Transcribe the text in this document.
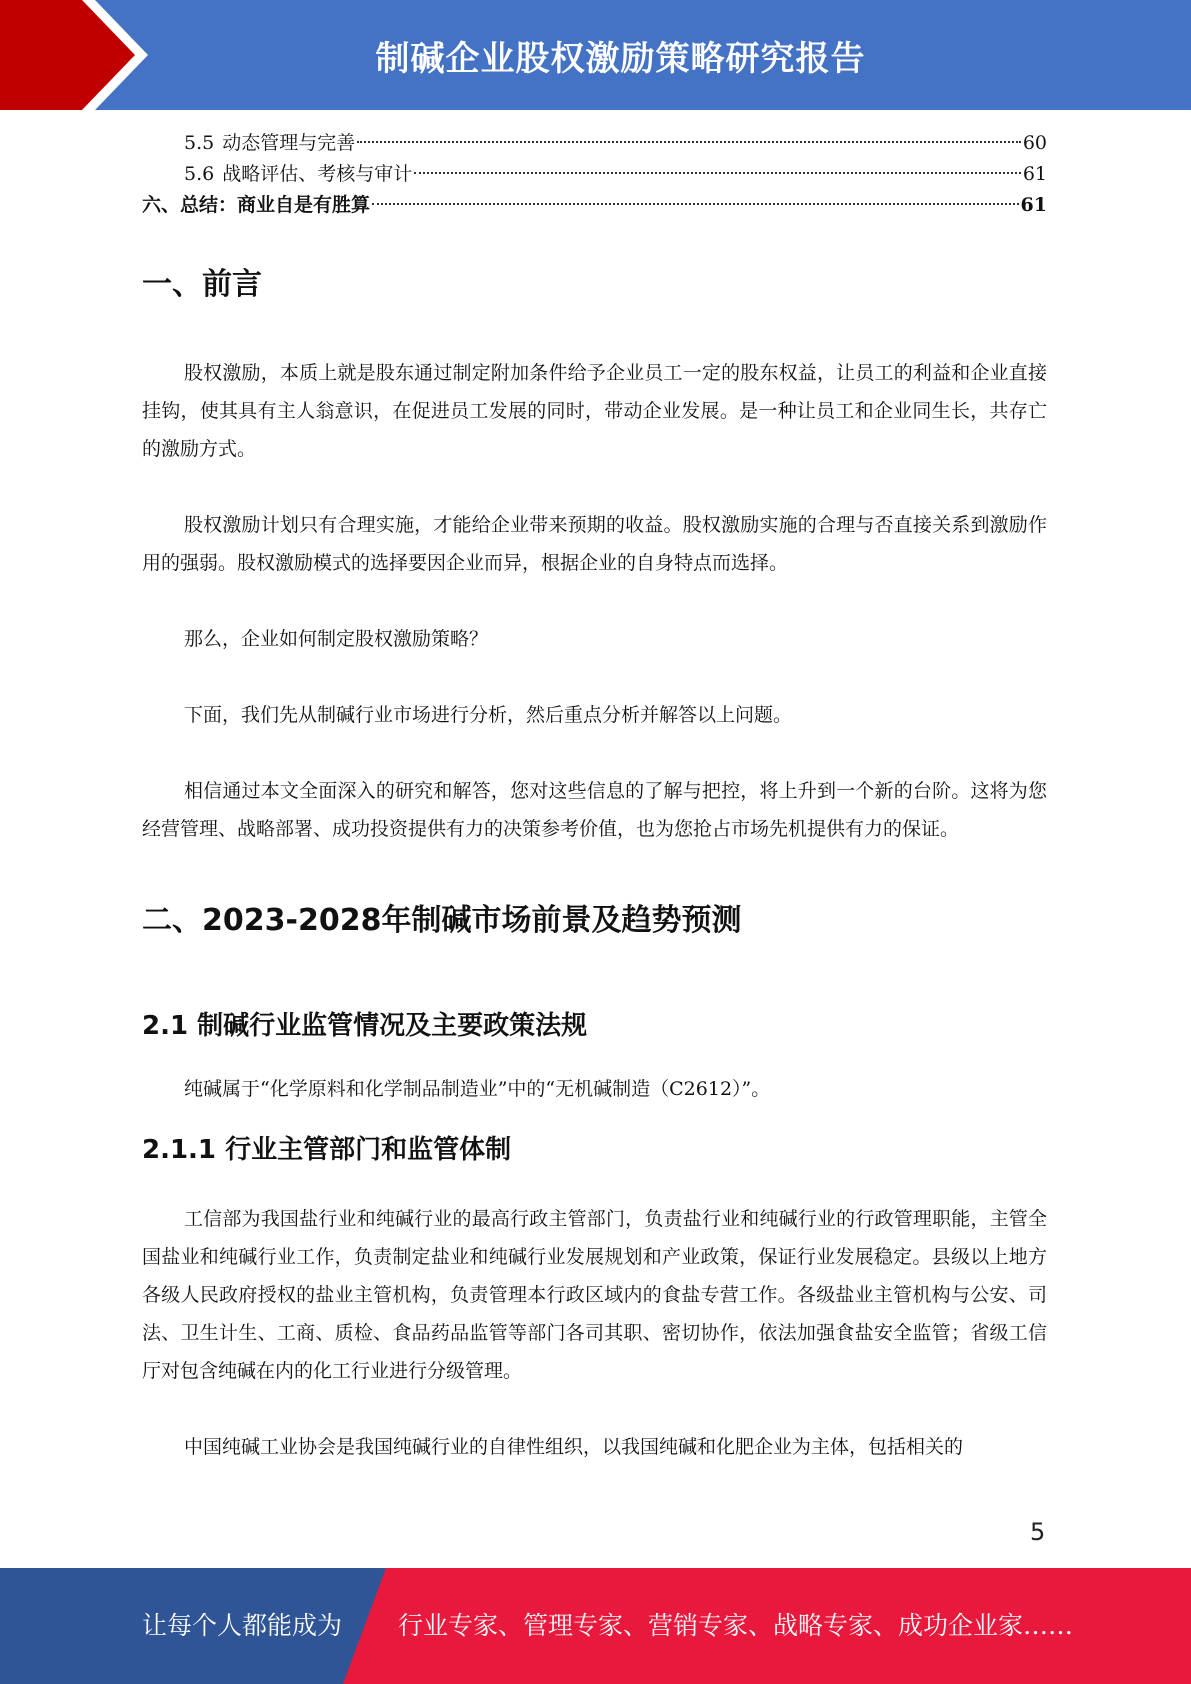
制碱企业股权激励策略研究报告
5.5 动态管理与完善	60
5.6 战略评估、考核与审计	61
六、总结：商业自是有胜算	61
一、前言

股权激励，本质上就是股东通过制定附加条件给予企业员工一定的股东权益，让员工的利益和企业直接挂钩，使其具有主人翁意识，在促进员工发展的同时，带动企业发展。是一种让员工和企业同生长，共存亡的激励方式。

股权激励计划只有合理实施，才能给企业带来预期的收益。股权激励实施的合理与否直接关系到激励作用的强弱。股权激励模式的选择要因企业而异，根据企业的自身特点而选择。

那么，企业如何制定股权激励策略？

下面，我们先从制碱行业市场进行分析，然后重点分析并解答以上问题。

相信通过本文全面深入的研究和解答，您对这些信息的了解与把控，将上升到一个新的台阶。这将为您经营管理、战略部署、成功投资提供有力的决策参考价值，也为您抢占市场先机提供有力的保证。

二、2023-2028年制碱市场前景及趋势预测
2.1 制碱行业监管情况及主要政策法规

纯碱属于“化学原料和化学制品制造业”中的“无机碱制造（C2612）”。

2.1.1 行业主管部门和监管体制

工信部为我国盐行业和纯碱行业的最高行政主管部门，负责盐行业和纯碱行业的行政管理职能，主管全国盐业和纯碱行业工作，负责制定盐业和纯碱行业发展规划和产业政策，保证行业发展稳定。县级以上地方各级人民政府授权的盐业主管机构，负责管理本行政区域内的食盐专营工作。各级盐业主管机构与公安、司法、卫生计生、工商、质检、食品药品监管等部门各司其职、密切协作，依法加强食盐安全监管；省级工信厅对包含纯碱在内的化工行业进行分级管理。

中国纯碱工业协会是我国纯碱行业的自律性组织，以我国纯碱和化肥企业为主体，包括相关的

5
让每个人都能成为 行业专家、管理专家、营销专家、战略专家、成功企业家……
